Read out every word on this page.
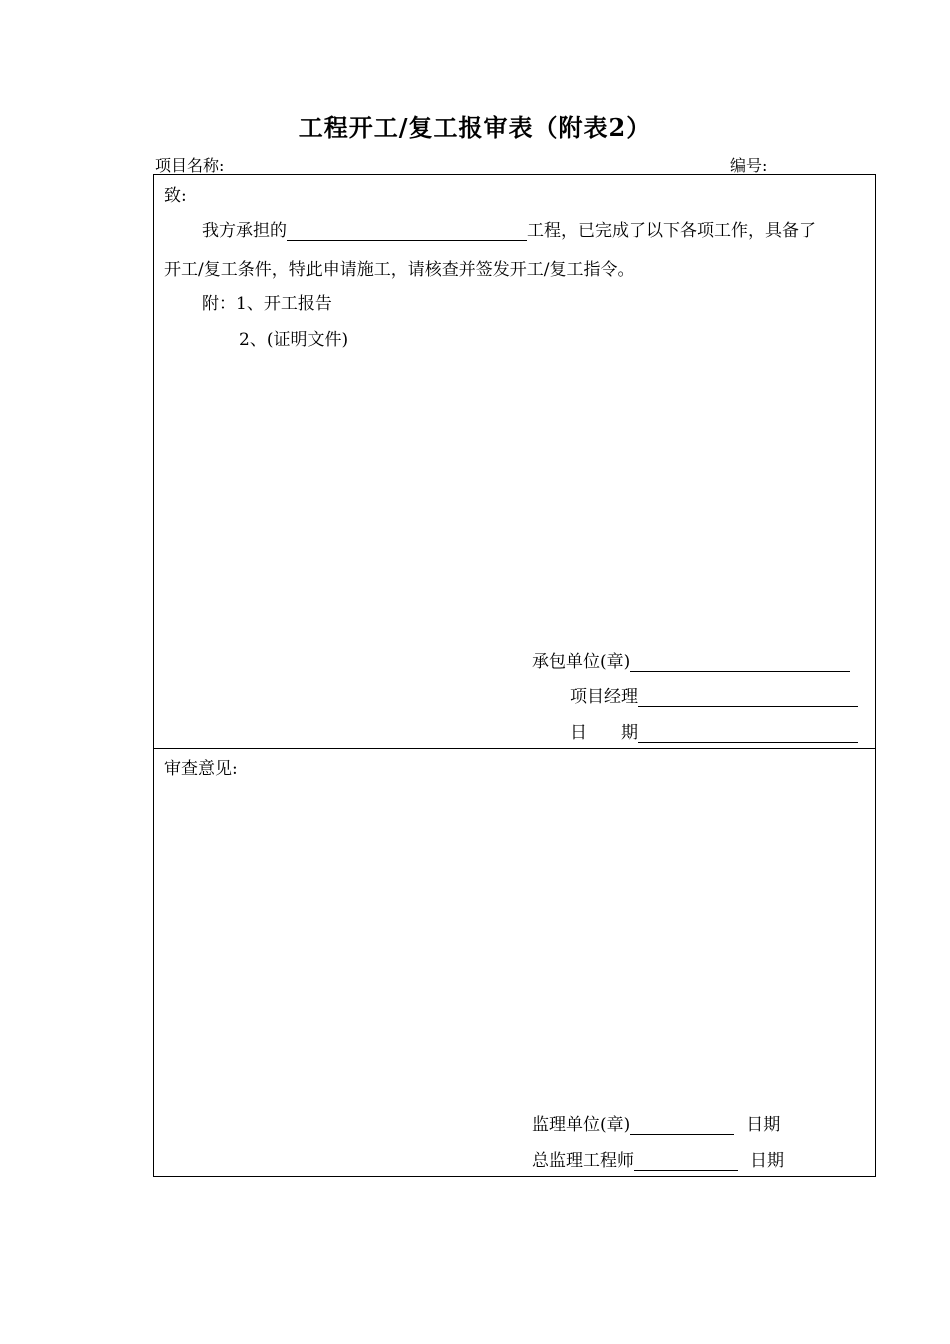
工程开工/复工报审表（附表2）
项目名称:	编号:
致:
我方承担的	工程，已完成了以下各项工作，具备了
开工/复工条件，特此申请施工，请核查并签发开工/复工指令。
附：1、开工报告
2、(证明文件)
承包单位(章)
项目经理
日　　期
审查意见:
监理单位(章)	日期
总监理工程师	日期
